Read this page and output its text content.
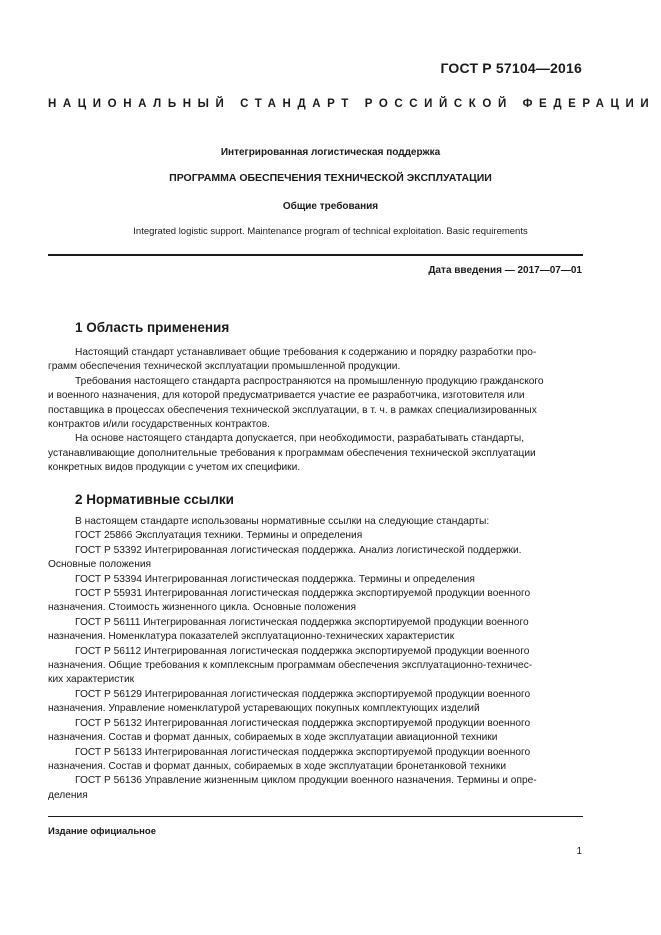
ГОСТ Р 57104—2016
НАЦИОНАЛЬНЫЙ СТАНДАРТ РОССИЙСКОЙ ФЕДЕРАЦИИ
Интегрированная логистическая поддержка
ПРОГРАММА ОБЕСПЕЧЕНИЯ ТЕХНИЧЕСКОЙ ЭКСПЛУАТАЦИИ
Общие требования
Integrated logistic support. Maintenance program of technical exploitation. Basic requirements
Дата введения — 2017—07—01
1 Область применения

Настоящий стандарт устанавливает общие требования к содержанию и порядку разработки про-

грамм обеспечения технической эксплуатации промышленной продукции.

Требования настоящего стандарта распространяются на промышленную продукцию гражданского

и военного назначения, для которой предусматривается участие ее разработчика, изготовителя или

поставщика в процессах обеспечения технической эксплуатации, в т. ч. в рамках специализированных

контрактов и/или государственных контрактов.

На основе настоящего стандарта допускается, при необходимости, разрабатывать стандарты,

устанавливающие дополнительные требования к программам обеспечения технической эксплуатации

конкретных видов продукции с учетом их специфики.

2 Нормативные ссылки

В настоящем стандарте использованы нормативные ссылки на следующие стандарты:

ГОСТ 25866 Эксплуатация техники. Термины и определения

ГОСТ Р 53392 Интегрированная логистическая поддержка. Анализ логистической поддержки.

Основные положения

ГОСТ Р 53394 Интегрированная логистическая поддержка. Термины и определения

ГОСТ Р 55931 Интегрированная логистическая поддержка экспортируемой продукции военного

назначения. Стоимость жизненного цикла. Основные положения

ГОСТ Р 56111 Интегрированная логистическая поддержка экспортируемой продукции военного

назначения. Номенклатура показателей эксплуатационно-технических характеристик

ГОСТ Р 56112 Интегрированная логистическая поддержка экспортируемой продукции военного

назначения. Общие требования к комплексным программам обеспечения эксплуатационно-техничес-

ких характеристик

ГОСТ Р 56129 Интегрированная логистическая поддержка экспортируемой продукции военного

назначения. Управление номенклатурой устаревающих покупных комплектующих изделий

ГОСТ Р 56132 Интегрированная логистическая поддержка экспортируемой продукции военного

назначения. Состав и формат данных, собираемых в ходе эксплуатации авиационной техники

ГОСТ Р 56133 Интегрированная логистическая поддержка экспортируемой продукции военного

назначения. Состав и формат данных, собираемых в ходе эксплуатации бронетанковой техники

ГОСТ Р 56136 Управление жизненным циклом продукции военного назначения. Термины и опре-

деления

Издание официальное
1
